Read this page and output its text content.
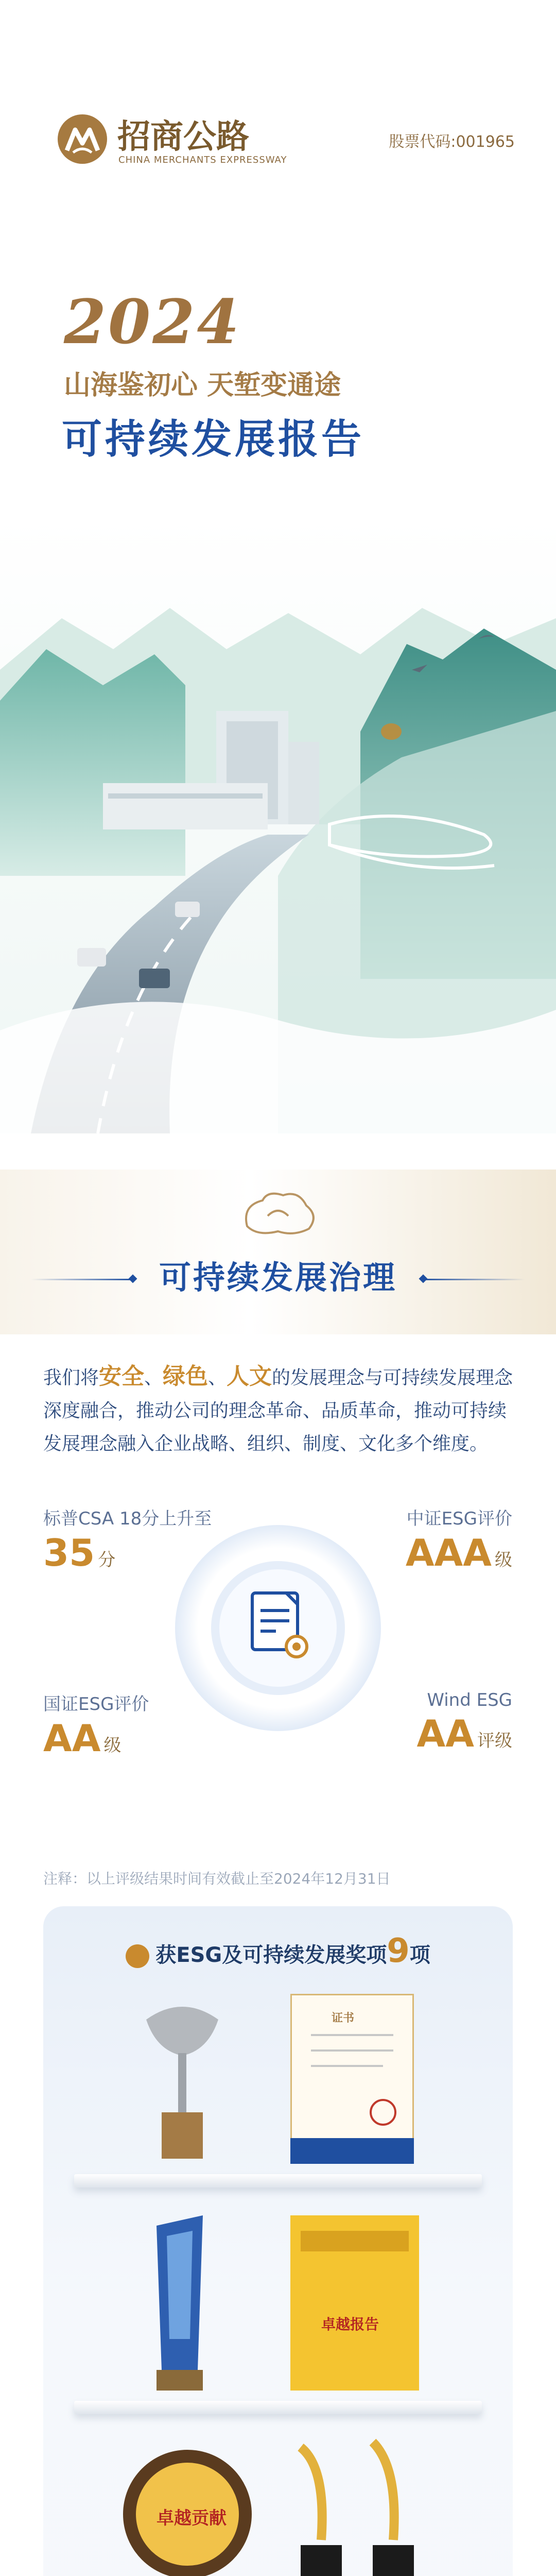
招商公路
CHINA MERCHANTS EXPRESSWAY
股票代码:001965
2024
山海鉴初心 天堑变通途
可持续发展报告
可持续发展治理
我们将安全、绿色、人文的发展理念与可持续发展理念深度融合，推动公司的理念革命、品质革命，推动可持续发展理念融入企业战略、组织、制度、文化多个维度。
标普CSA 18分上升至
35 分
中证ESG评价
AAA 级
国证ESG评价
AA 级
Wind ESG
AA 评级
注释：以上评级结果时间有效截止至2024年12月31日
获ESG及可持续发展奖项9项
证书
卓越报告
卓越贡献
